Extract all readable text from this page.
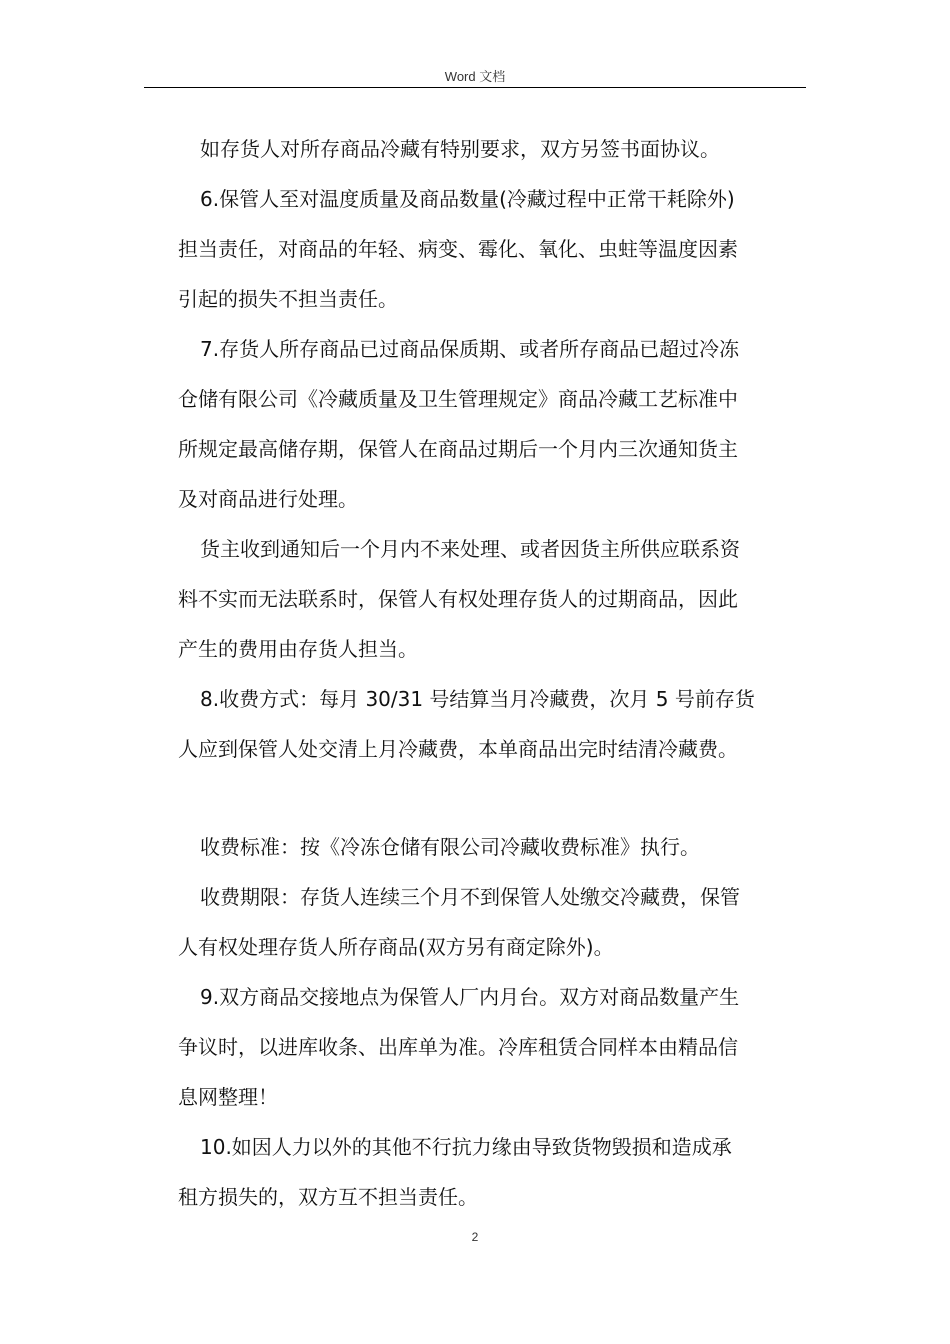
Word 文档
如存货人对所存商品冷藏有特别要求，双方另签书面协议。
6.保管人至对温度质量及商品数量(冷藏过程中正常干耗除外)
担当责任，对商品的年轻、病变、霉化、氧化、虫蛀等温度因素
引起的损失不担当责任。
7.存货人所存商品已过商品保质期、或者所存商品已超过冷冻
仓储有限公司《冷藏质量及卫生管理规定》商品冷藏工艺标准中
所规定最高储存期，保管人在商品过期后一个月内三次通知货主
及对商品进行处理。
货主收到通知后一个月内不来处理、或者因货主所供应联系资
料不实而无法联系时，保管人有权处理存货人的过期商品，因此
产生的费用由存货人担当。
8.收费方式：每月 30/31 号结算当月冷藏费，次月 5 号前存货
人应到保管人处交清上月冷藏费，本单商品出完时结清冷藏费。
收费标准：按《冷冻仓储有限公司冷藏收费标准》执行。
收费期限：存货人连续三个月不到保管人处缴交冷藏费，保管
人有权处理存货人所存商品(双方另有商定除外)。
9.双方商品交接地点为保管人厂内月台。双方对商品数量产生
争议时，以进库收条、出库单为准。冷库租赁合同样本由精品信
息网整理！
10.如因人力以外的其他不行抗力缘由导致货物毁损和造成承
租方损失的，双方互不担当责任。
2
